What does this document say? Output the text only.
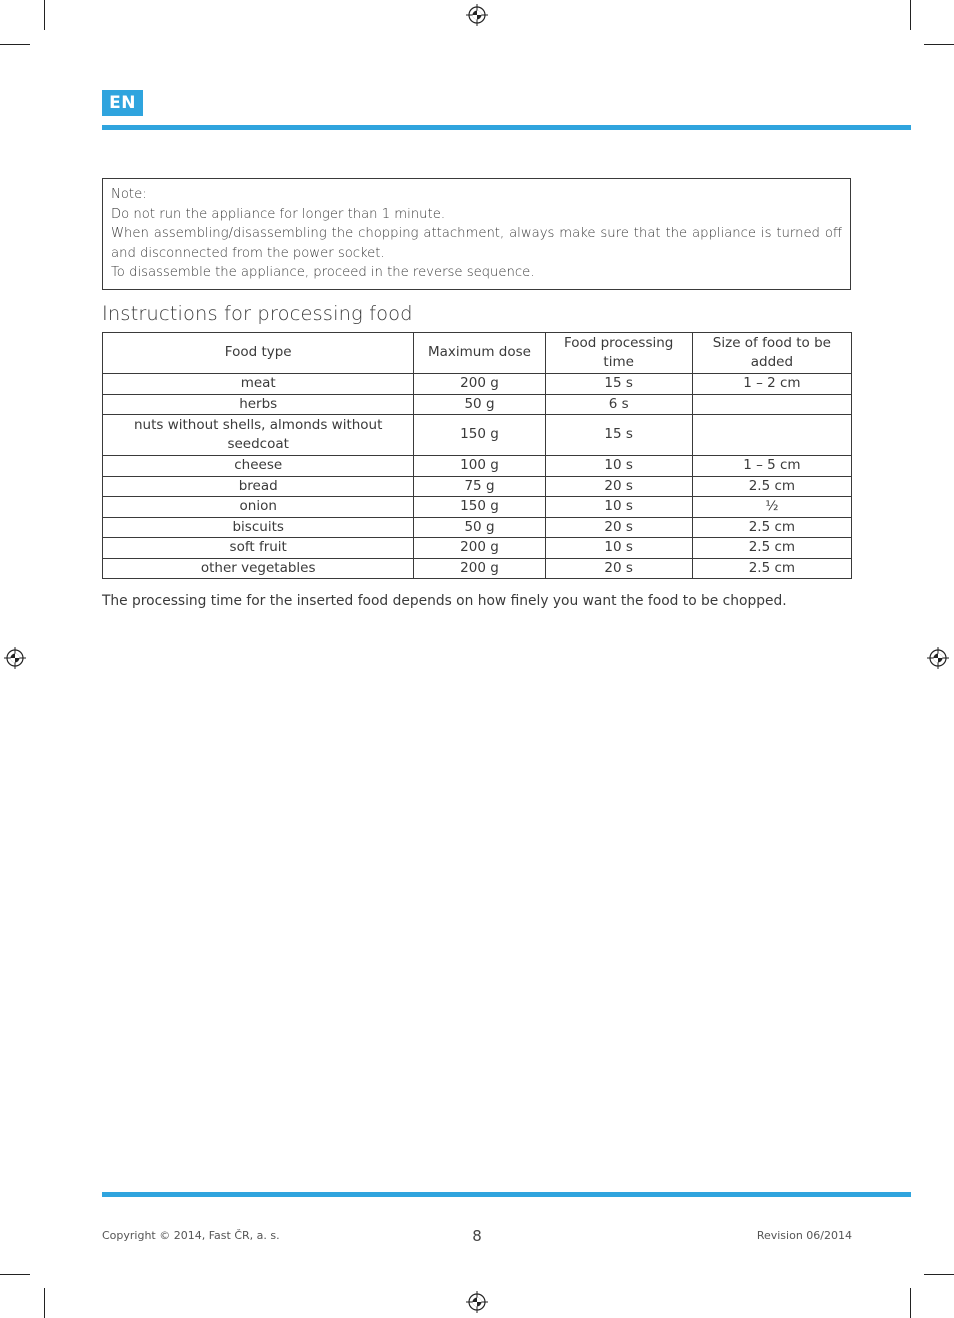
EN

Note:

Do not run the appliance for longer than 1 minute.

When assembling/disassembling the chopping attachment, always make sure that the appliance is turned off and disconnected from the power socket.

To disassemble the appliance, proceed in the reverse sequence.

Instructions for processing food
Food type	Maximum dose	Food processing time	Size of food to be added
meat	200 g	15 s	1 – 2 cm
herbs	50 g	6 s	
nuts without shells, almonds without seedcoat	150 g	15 s	
cheese	100 g	10 s	1 – 5 cm
bread	75 g	20 s	2.5 cm
onion	150 g	10 s	½
biscuits	50 g	20 s	2.5 cm
soft fruit	200 g	10 s	2.5 cm
other vegetables	200 g	20 s	2.5 cm
The processing time for the inserted food depends on how finely you want the food to be chopped.
Copyright © 2014, Fast ČR, a. s.	8	Revision 06/2014
